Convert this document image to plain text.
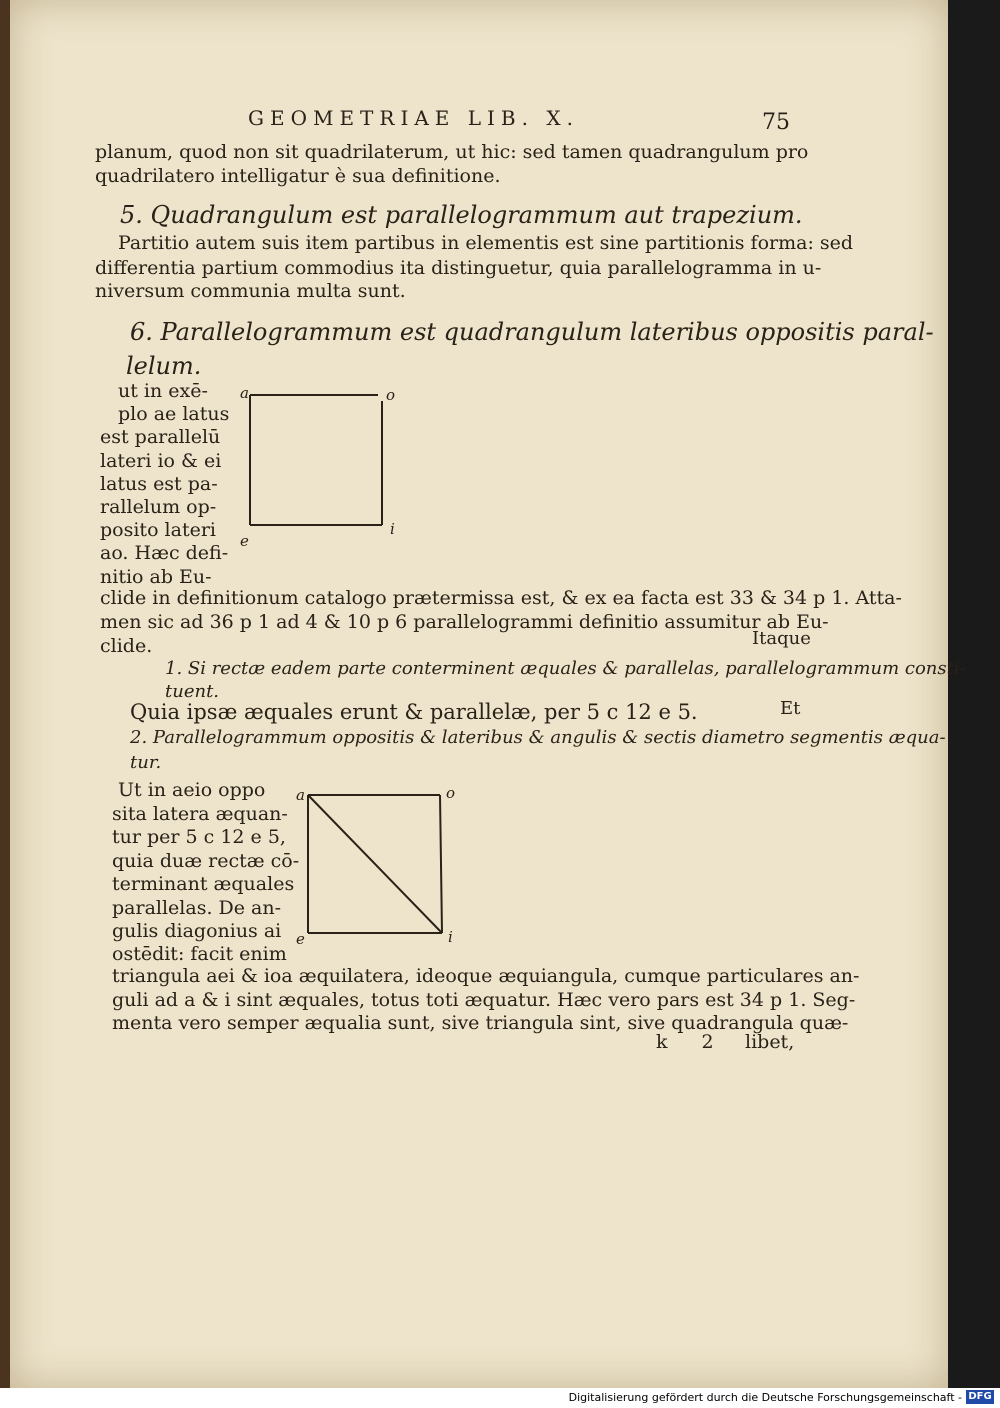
GEOMETRIAE LIB. X.	75
planum, quod non sit quadrilaterum, ut hic: sed tamen quadrangulum pro
quadrilatero intelligatur è sua definitione.
5. Quadrangulum est parallelogrammum aut trapezium.
Partitio autem suis item partibus in elementis est sine partitionis forma: sed
differentia partium commodius ita distinguetur, quia parallelogramma in u-
niversum communia multa sunt.
6. Parallelogrammum est quadrangulum lateribus oppositis paral-
lelum.
ut in exē-
plo ae latus
est parallelū
lateri io & ei
latus est pa-
rallelum op-
posito lateri
ao. Hæc defi-
nitio ab Eu-
a	o
e
i
clide in definitionum catalogo prætermissa est, & ex ea facta est 33 & 34 p 1. Atta-
men sic ad 36 p 1 ad 4 & 10 p 6 parallelogrammi definitio assumitur ab Eu-
clide.	Itaque
1. Si rectæ eadem parte conterminent æquales & parallelas, parallelogrammum consti-
tuent.
Quia ipsæ æquales erunt & parallelæ, per 5 c 12 e 5.	Et
2. Parallelogrammum oppositis & lateribus & angulis & sectis diametro segmentis æqua-
tur.
Ut in aeio oppo
sita latera æquan-
tur per 5 c 12 e 5,
quia duæ rectæ cō-
terminant æquales
parallelas. De an-
gulis diagonius ai
ostēdit: facit enim
a	o
e	i
triangula aei & ioa æquilatera, ideoque æquiangula, cumque particulares an-
guli ad a & i sint æquales, totus toti æquatur. Hæc vero pars est 34 p 1. Seg-
menta vero semper æqualia sunt, sive triangula sint, sive quadrangula quæ-
k 2 libet,
Digitalisierung gefördert durch die Deutsche Forschungsgemeinschaft - DFG
